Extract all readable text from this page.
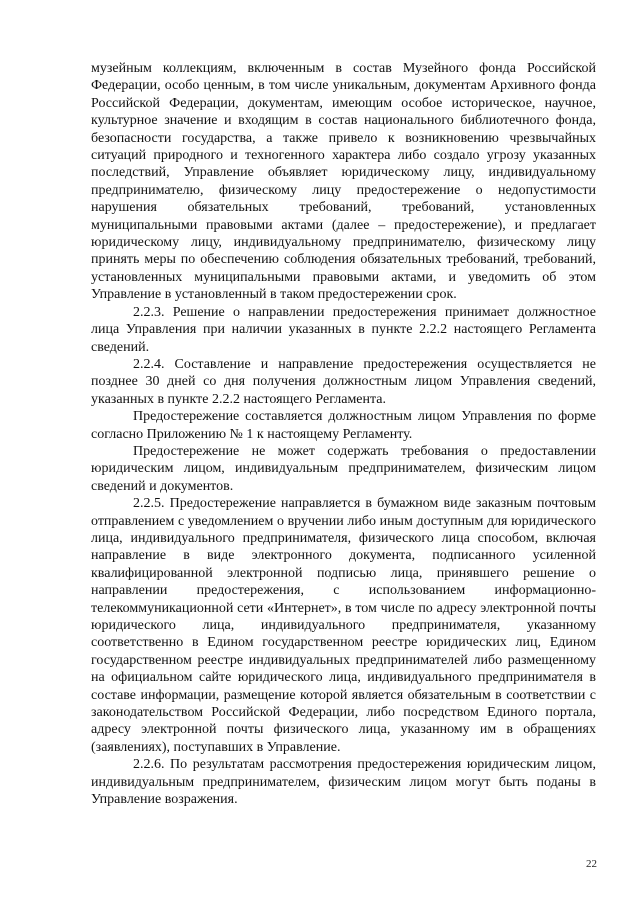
музейным коллекциям, включенным в состав Музейного фонда Российской Федерации, особо ценным, в том числе уникальным, документам Архивного фонда Российской Федерации, документам, имеющим особое историческое, научное, культурное значение и входящим в состав национального библиотечного фонда, безопасности государства, а также привело к возникновению чрезвычайных ситуаций природного и техногенного характера либо создало угрозу указанных последствий, Управление объявляет юридическому лицу, индивидуальному предпринимателю, физическому лицу предостережение о недопустимости нарушения обязательных требований, требований, установленных муниципальными правовыми актами (далее – предостережение), и предлагает юридическому лицу, индивидуальному предпринимателю, физическому лицу принять меры по обеспечению соблюдения обязательных требований, требований, установленных муниципальными правовыми актами, и уведомить об этом Управление в установленный в таком предостережении срок.

2.2.3. Решение о направлении предостережения принимает должностное лица Управления при наличии указанных в пункте 2.2.2 настоящего Регламента сведений.

2.2.4. Составление и направление предостережения осуществляется не позднее 30 дней со дня получения должностным лицом Управления сведений, указанных в пункте 2.2.2 настоящего Регламента.

Предостережение составляется должностным лицом Управления по форме согласно Приложению № 1 к настоящему Регламенту.

Предостережение не может содержать требования о предоставлении юридическим лицом, индивидуальным предпринимателем, физическим лицом сведений и документов.

2.2.5. Предостережение направляется в бумажном виде заказным почтовым отправлением с уведомлением о вручении либо иным доступным для юридического лица, индивидуального предпринимателя, физического лица способом, включая направление в виде электронного документа, подписанного усиленной квалифицированной электронной подписью лица, принявшего решение о направлении предостережения, с использованием информационно-телекоммуникационной сети «Интернет», в том числе по адресу электронной почты юридического лица, индивидуального предпринимателя, указанному соответственно в Едином государственном реестре юридических лиц, Едином государственном реестре индивидуальных предпринимателей либо размещенному на официальном сайте юридического лица, индивидуального предпринимателя в составе информации, размещение которой является обязательным в соответствии с законодательством Российской Федерации, либо посредством Единого портала, адресу электронной почты физического лица, указанному им в обращениях (заявлениях), поступавших в Управление.

2.2.6. По результатам рассмотрения предостережения юридическим лицом, индивидуальным предпринимателем, физическим лицом могут быть поданы в Управление возражения.

22
